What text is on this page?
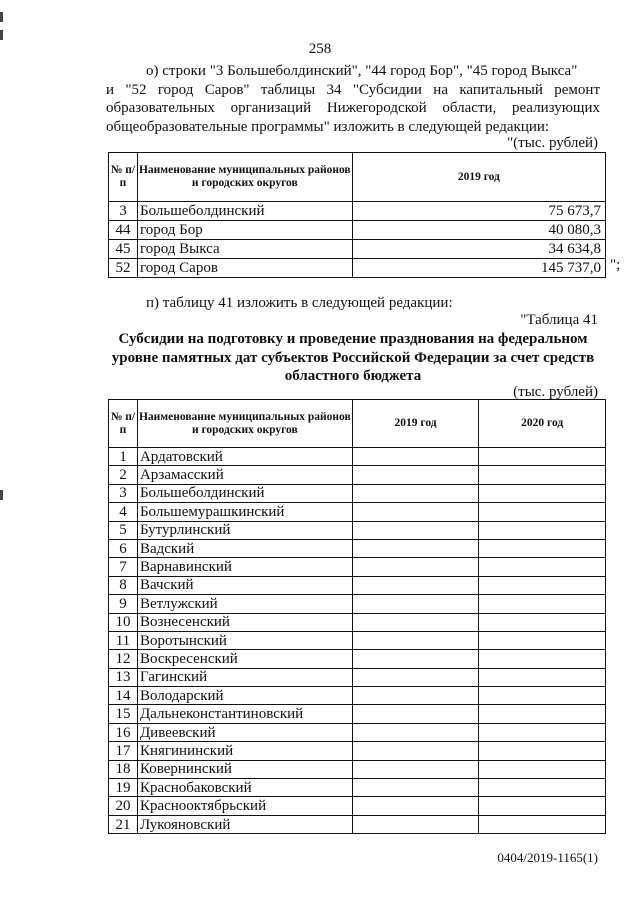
258
о) строки "3 Большеболдинский", "44 город Бор", "45 город Выкса"
и "52 город Саров" таблицы 34 "Субсидии на капитальный ремонт образовательных организаций Нижегородской области, реализующих общеобразовательные программы" изложить в следующей редакции:
"(тыс. рублей)
№ п/п	Наименование муниципальных районов и городских округов	2019 год
3	Большеболдинский	75 673,7
44	город Бор	40 080,3
45	город Выкса	34 634,8
52	город Саров	145 737,0 ";
п) таблицу 41 изложить в следующей редакции:
"Таблица 41
Субсидии на подготовку и проведение празднования на федеральном уровне памятных дат субъектов Российской Федерации за счет средств областного бюджета
(тыс. рублей)
№ п/п	Наименование муниципальных районов и городских округов	2019 год	2020 год
1	Ардатовский		
2	Арзамасский		
3	Большеболдинский		
4	Большемурашкинский		
5	Бутурлинский		
6	Вадский		
7	Варнавинский		
8	Вачский		
9	Ветлужский		
10	Вознесенский		
11	Воротынский		
12	Воскресенский		
13	Гагинский		
14	Володарский		
15	Дальнеконстантиновский		
16	Дивеевский		
17	Княгининский		
18	Ковернинский		
19	Краснобаковский		
20	Краснооктябрьский		
21	Лукояновский		
0404/2019-1165(1)
